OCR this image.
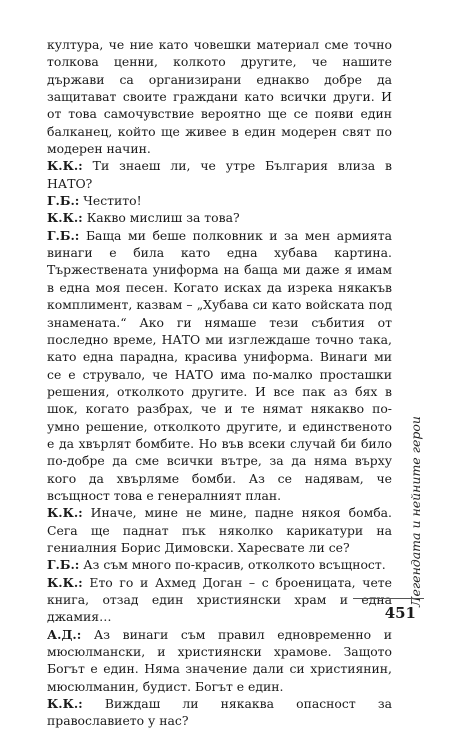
култура, че ние като човешки материал сме точно толкова ценни, колкото другите, че нашите държави са организирани еднакво добре да защитават своите граждани като всички други. И от това самочувствие вероятно ще се появи един балканец, който ще живее в един модерен свят по модерен начин.

К.К.: Ти знаеш ли, че утре България влиза в НАТО?

Г.Б.: Честито!

К.К.: Какво мислиш за това?

Г.Б.: Баща ми беше полковник и за мен армията винаги е била като една хубава картина. Тържествената униформа на баща ми даже я имам в една моя песен. Когато исках да изрека някакъв комплимент, казвам – „Хубава си като войската под знамената.“ Ако ги нямаше тези събития от последно време, НАТО ми изглеждаше точно така, като една парадна, красива униформа. Винаги ми се е струвало, че НАТО има по-малко просташки решения, отколкото другите. И все пак аз бях в шок, когато разбрах, че и те нямат някакво по-умно решение, отколкото другите, и единственото е да хвърлят бомбите. Но във всеки случай би било по-добре да сме всички вътре, за да няма върху кого да хвърляме бомби. Аз се надявам, че всъщност това е генералният план.

К.К.: Иначе, мине не мине, падне някоя бомба. Сега ще паднат пък няколко карикатури на гениалния Борис Димовски. Харесвате ли се?

Г.Б.: Аз съм много по-красив, отколкото всъщност.

К.К.: Ето го и Ахмед Доган – с броеницата, чете книга, отзад един християнски храм и една джамия…

А.Д.: Аз винаги съм правил едновременно и мюсюлмански, и християнски храмове. Защото Богът е един. Няма значение дали си християнин, мюсюлманин, будист. Богът е един.

К.К.: Виждаш ли някаква опасност за православието у нас?

Легендата и нейните герои
451
